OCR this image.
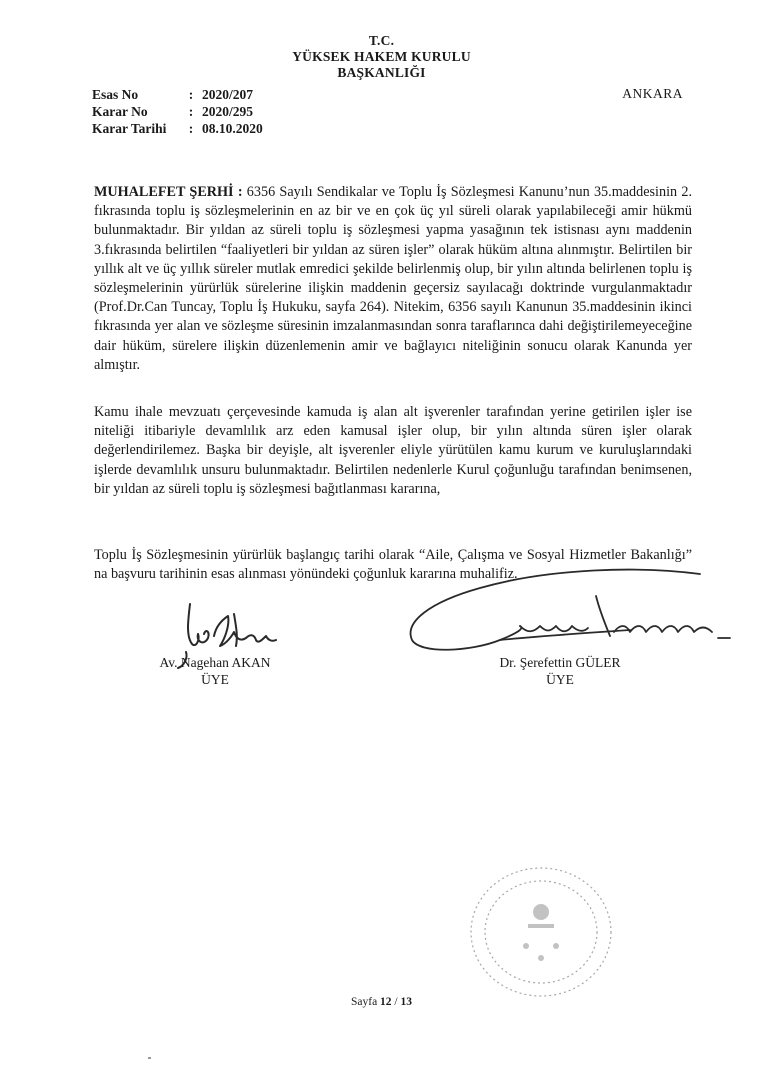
T.C.
YÜKSEK HAKEM KURULU
BAŞKANLIĞI
Esas No	: 2020/207
Karar No	: 2020/295
Karar Tarihi	: 08.10.2020
ANKARA
MUHALEFET ŞERHİ : 6356 Sayılı Sendikalar ve Toplu İş Sözleşmesi Kanunu’nun 35.maddesinin 2. fıkrasında toplu iş sözleşmelerinin en az bir ve en çok üç yıl süreli olarak yapılabileceği amir hükmü bulunmaktadır. Bir yıldan az süreli toplu iş sözleşmesi yapma yasağının tek istisnası aynı maddenin 3.fıkrasında belirtilen “faaliyetleri bir yıldan az süren işler” olarak hüküm altına alınmıştır. Belirtilen bir yıllık alt ve üç yıllık süreler mutlak emredici şekilde belirlenmiş olup, bir yılın altında belirlenen toplu iş sözleşmelerinin yürürlük sürelerine ilişkin maddenin geçersiz sayılacağı doktrinde vurgulanmaktadır (Prof.Dr.Can Tuncay, Toplu İş Hukuku, sayfa 264). Nitekim, 6356 sayılı Kanunun 35.maddesinin ikinci fıkrasında yer alan ve sözleşme süresinin imzalanmasından sonra taraflarınca dahi değiştirilemeyeceğine dair hüküm, sürelere ilişkin düzenlemenin amir ve bağlayıcı niteliğinin sonucu olarak Kanunda yer almıştır.
Kamu ihale mevzuatı çerçevesinde kamuda iş alan alt işverenler tarafından yerine getirilen işler ise niteliği itibariyle devamlılık arz eden kamusal işler olup, bir yılın altında süren işler olarak değerlendirilemez. Başka bir deyişle, alt işverenler eliyle yürütülen kamu kurum ve kuruluşlarındaki işlerde devamlılık unsuru bulunmaktadır. Belirtilen nedenlerle Kurul çoğunluğu tarafından benimsenen, bir yıldan az süreli toplu iş sözleşmesi bağıtlanması kararına,
Toplu İş Sözleşmesinin yürürlük başlangıç tarihi olarak “Aile, Çalışma ve Sosyal Hizmetler Bakanlığı” na başvuru tarihinin esas alınması yönündeki çoğunluk kararına muhalifiz.
Av. Nagehan AKAN
ÜYE
Dr. Şerefettin GÜLER
ÜYE
Sayfa 12 / 13
